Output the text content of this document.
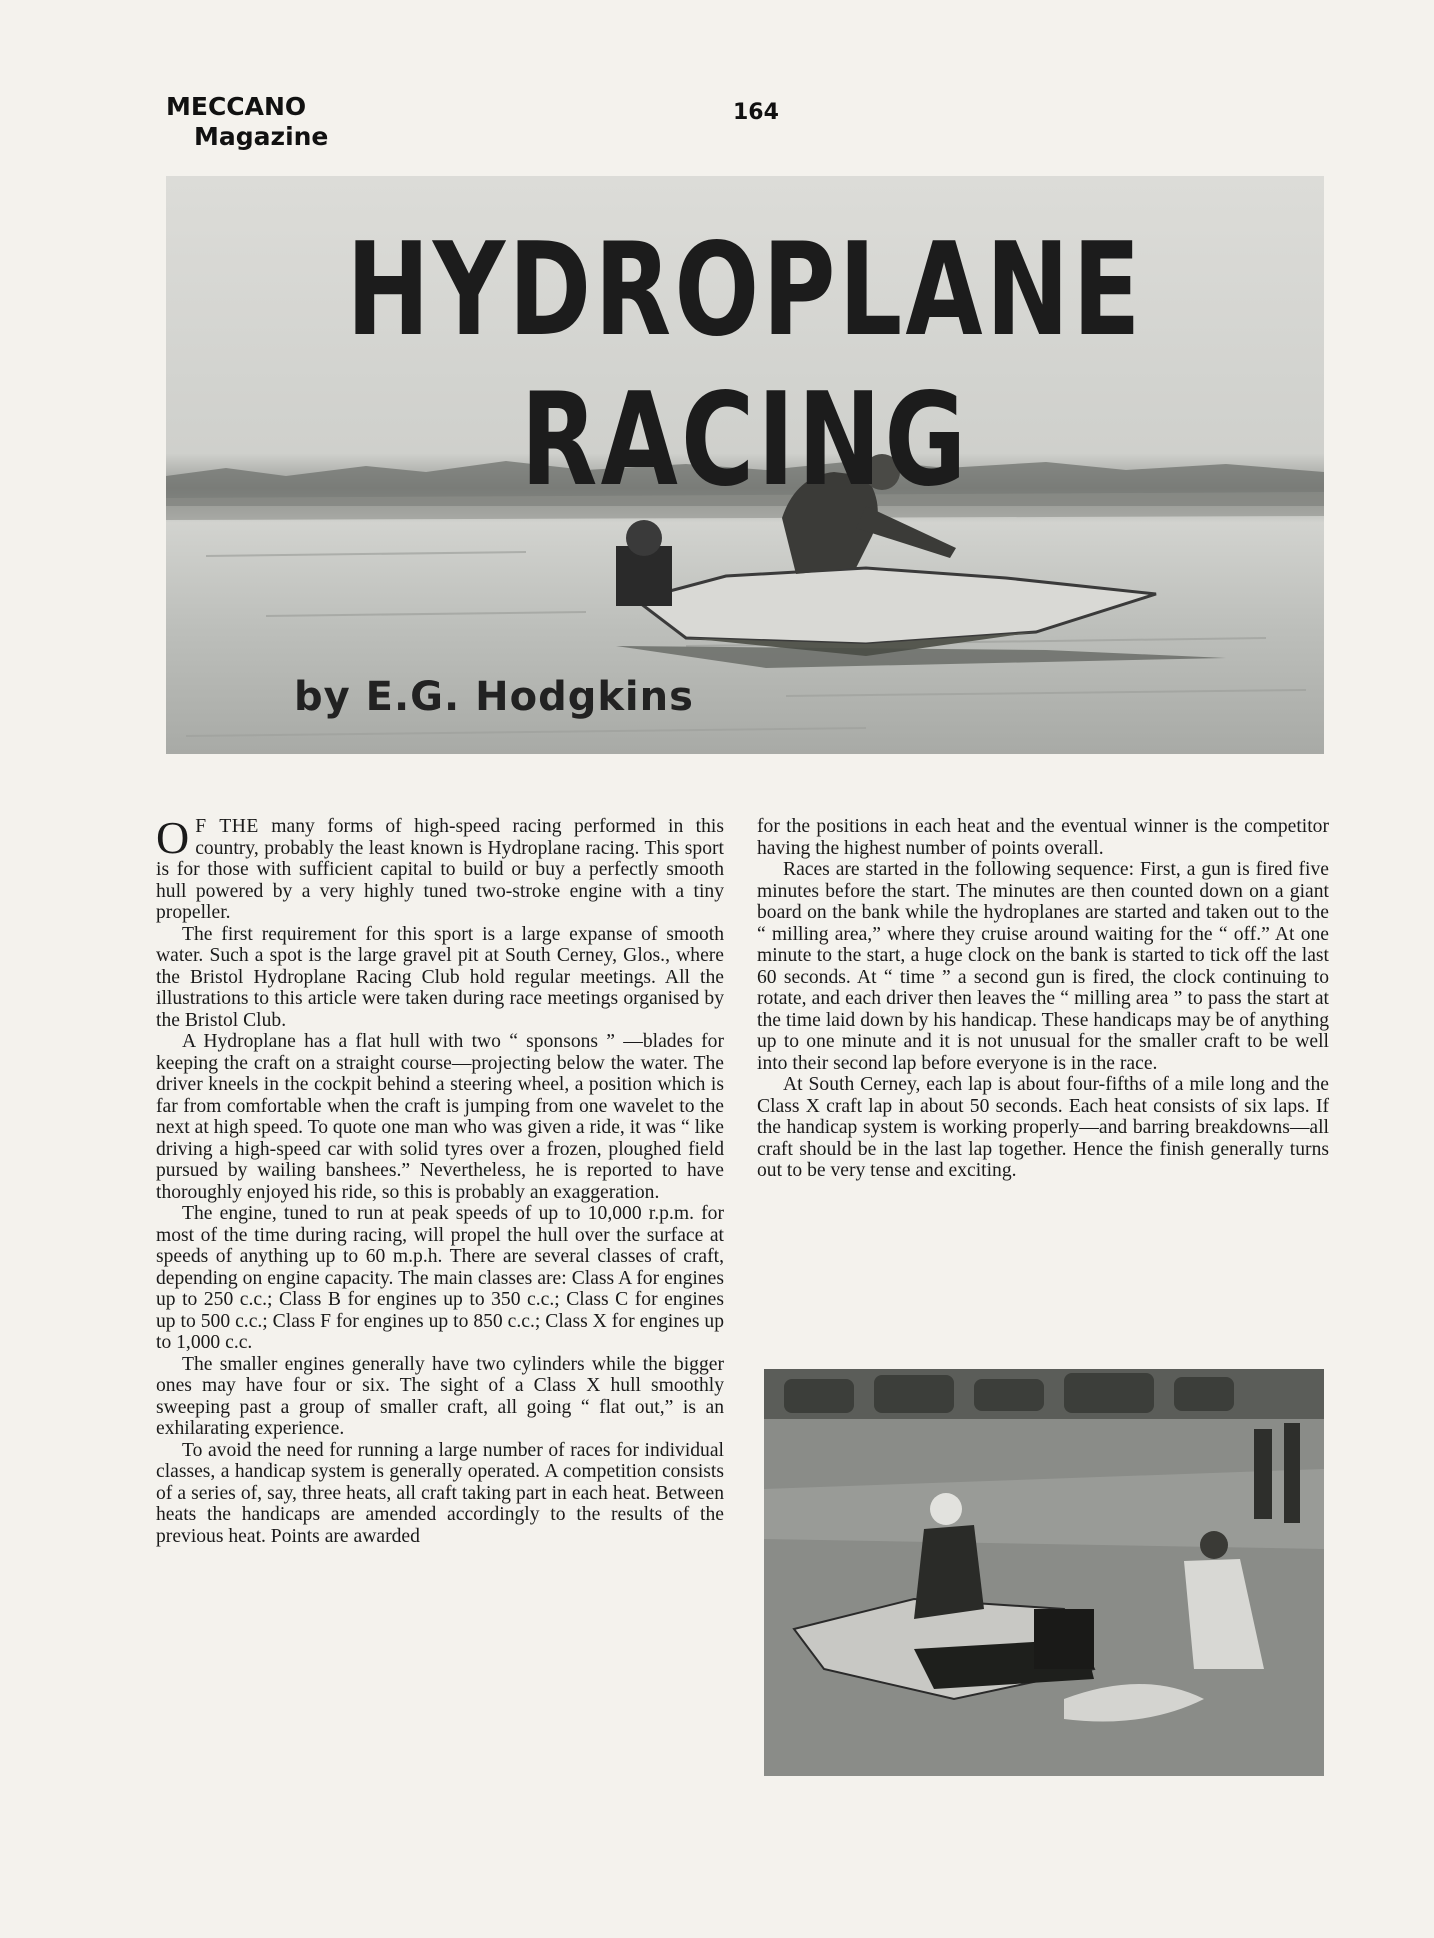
MECCANO
Magazine
164
HYDROPLANE RACING
by E.G. Hodgkins

O F THE many forms of high-speed racing performed in this country, probably the least known is Hydroplane racing. This sport is for those with sufficient capital to build or buy a perfectly smooth hull powered by a very highly tuned two-stroke engine with a tiny propeller.

The first requirement for this sport is a large expanse of smooth water. Such a spot is the large gravel pit at South Cerney, Glos., where the Bristol Hydroplane Racing Club hold regular meetings. All the illustrations to this article were taken during race meetings organised by the Bristol Club.

A Hydroplane has a flat hull with two “ sponsons ” —blades for keeping the craft on a straight course—projecting below the water. The driver kneels in the cockpit behind a steering wheel, a position which is far from comfortable when the craft is jumping from one wavelet to the next at high speed. To quote one man who was given a ride, it was “ like driving a high-speed car with solid tyres over a frozen, ploughed field pursued by wailing banshees.” Nevertheless, he is reported to have thoroughly enjoyed his ride, so this is probably an exaggeration.

The engine, tuned to run at peak speeds of up to 10,000 r.p.m. for most of the time during racing, will propel the hull over the surface at speeds of anything up to 60 m.p.h. There are several classes of craft, depending on engine capacity. The main classes are: Class A for engines up to 250 c.c.; Class B for engines up to 350 c.c.; Class C for engines up to 500 c.c.; Class F for engines up to 850 c.c.; Class X for engines up to 1,000 c.c.

The smaller engines generally have two cylinders while the bigger ones may have four or six. The sight of a Class X hull smoothly sweeping past a group of smaller craft, all going “ flat out,” is an exhilarating experience.

To avoid the need for running a large number of races for individual classes, a handicap system is generally operated. A competition consists of a series of, say, three heats, all craft taking part in each heat. Between heats the handicaps are amended accordingly to the results of the previous heat. Points are awarded

for the positions in each heat and the eventual winner is the competitor having the highest number of points overall.

Races are started in the following sequence: First, a gun is fired five minutes before the start. The minutes are then counted down on a giant board on the bank while the hydroplanes are started and taken out to the “ milling area,” where they cruise around waiting for the “ off.” At one minute to the start, a huge clock on the bank is started to tick off the last 60 seconds. At “ time ” a second gun is fired, the clock continuing to rotate, and each driver then leaves the “ milling area ” to pass the start at the time laid down by his handicap. These handicaps may be of anything up to one minute and it is not unusual for the smaller craft to be well into their second lap before everyone is in the race.

At South Cerney, each lap is about four-fifths of a mile long and the Class X craft lap in about 50 seconds. Each heat consists of six laps. If the handicap system is working properly—and barring breakdowns—all craft should be in the last lap together. Hence the finish generally turns out to be very tense and exciting.
